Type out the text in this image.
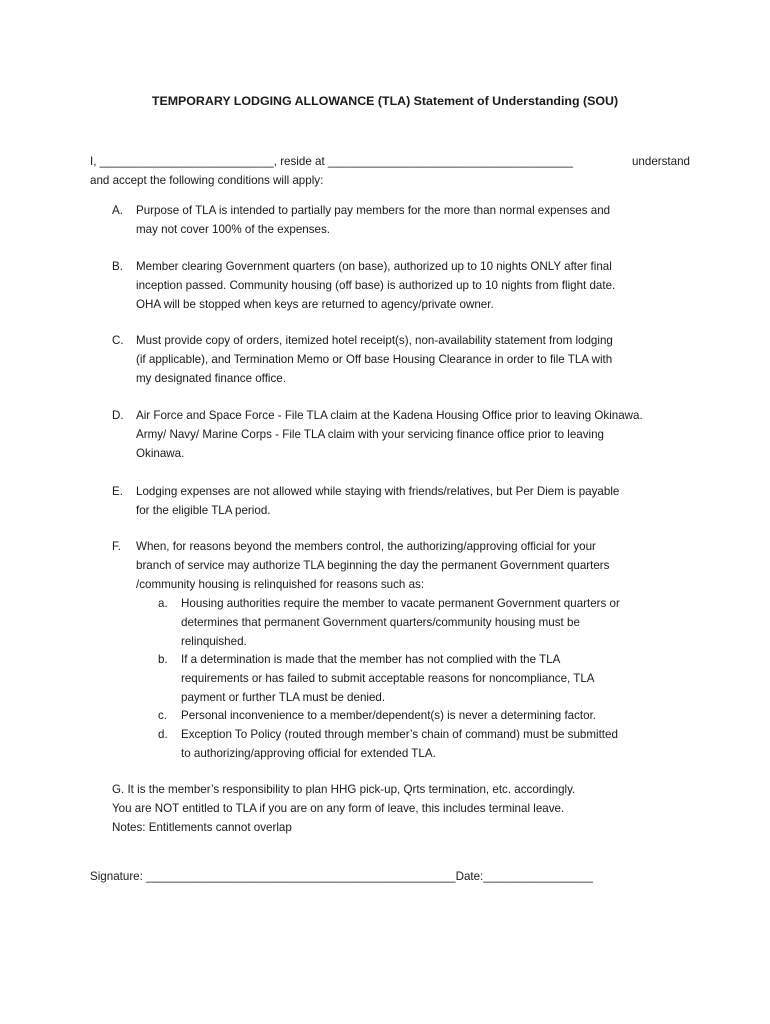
TEMPORARY LODGING ALLOWANCE (TLA) Statement of Understanding (SOU)
I, ___________________________, reside at ______________________________________	understand
and accept the following conditions will apply:
A.	Purpose of TLA is intended to partially pay members for the more than normal expenses and
may not cover 100% of the expenses.
B.	Member clearing Government quarters (on base), authorized up to 10 nights ONLY after final
inception passed. Community housing (off base) is authorized up to 10 nights from flight date.
OHA will be stopped when keys are returned to agency/private owner.
C.	Must provide copy of orders, itemized hotel receipt(s), non-availability statement from lodging
(if applicable), and Termination Memo or Off base Housing Clearance in order to file TLA with
my designated finance office.
D.	Air Force and Space Force - File TLA claim at the Kadena Housing Office prior to leaving Okinawa.
Army/ Navy/ Marine Corps - File TLA claim with your servicing finance office prior to leaving
Okinawa.
E.	Lodging expenses are not allowed while staying with friends/relatives, but Per Diem is payable
for the eligible TLA period.
F.	When, for reasons beyond the members control, the authorizing/approving official for your
branch of service may authorize TLA beginning the day the permanent Government quarters
/community housing is relinquished for reasons such as:
a.	Housing authorities require the member to vacate permanent Government quarters or
determines that permanent Government quarters/community housing must be
relinquished.
b.	If a determination is made that the member has not complied with the TLA
requirements or has failed to submit acceptable reasons for noncompliance, TLA
payment or further TLA must be denied.
c.	Personal inconvenience to a member/dependent(s) is never a determining factor.
d.	Exception To Policy (routed through member’s chain of command) must be submitted
to authorizing/approving official for extended TLA.
G. It is the member’s responsibility to plan HHG pick-up, Qrts termination, etc. accordingly.
You are NOT entitled to TLA if you are on any form of leave, this includes terminal leave.
Notes: Entitlements cannot overlap
Signature: ________________________________________________Date:_________________
